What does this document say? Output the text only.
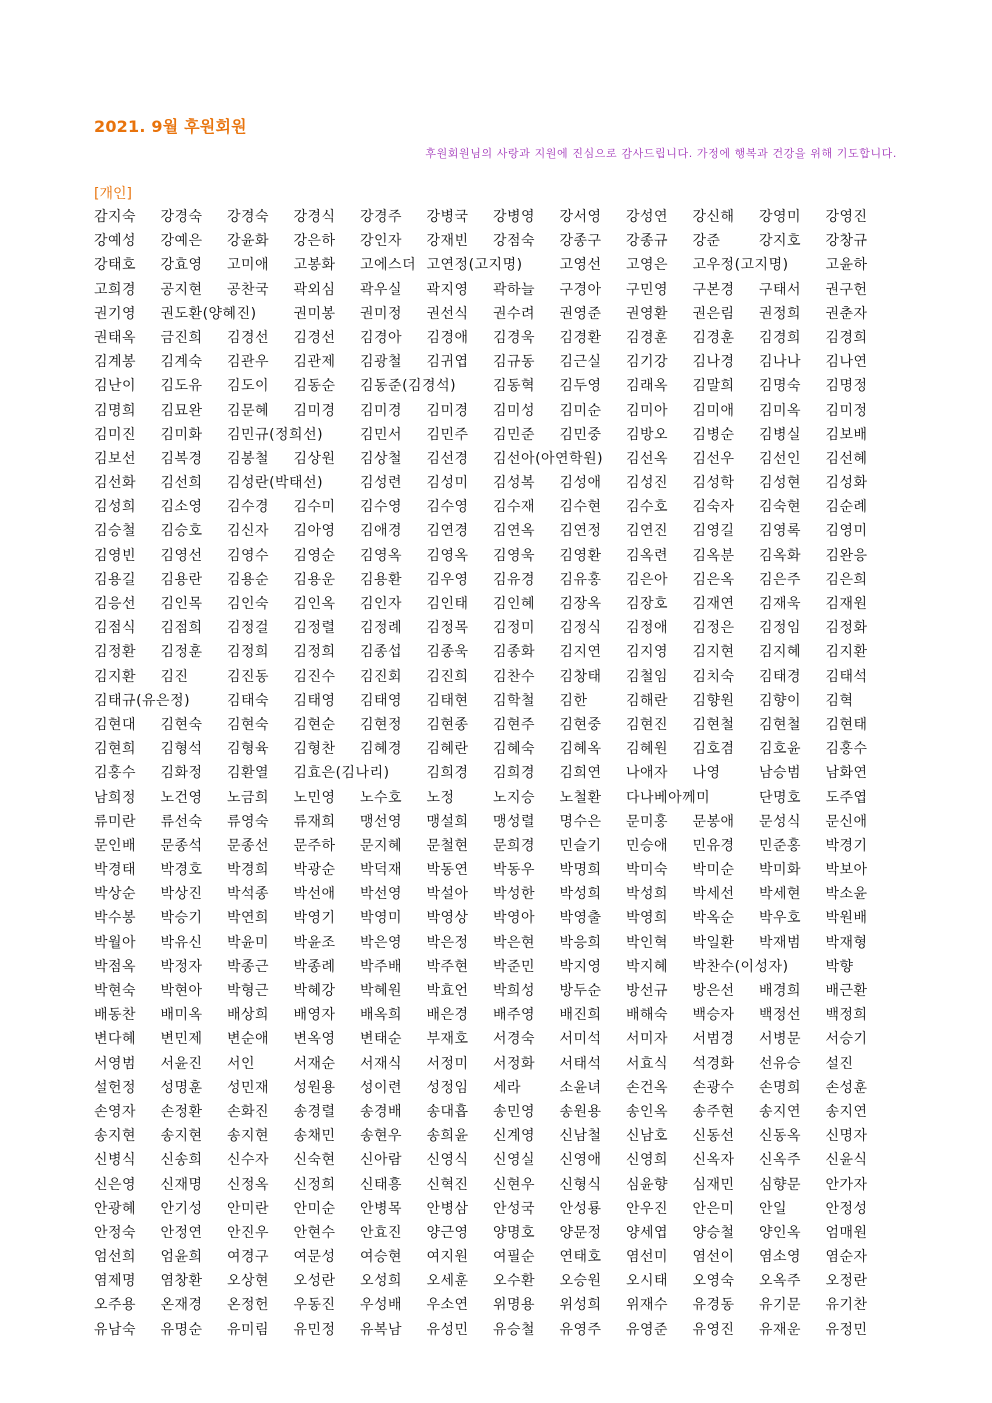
2021. 9월 후원회원
후원회원님의 사랑과 지원에 진심으로 감사드립니다. 가정에 행복과 건강을 위해 기도합니다.
[개인]
감지숙 강경숙 강경숙 강경식 강경주 강병국 강병영 강서영 강성연 강신해 강영미 강영진
강예성 강예은 강윤화 강은하 강인자 강재빈 강점숙 강종구 강종규 강준	강지호 강창규
강태호 강효영 고미애 고봉화 고에스더 고연정(고지명)	고영선 고영은 고우정(고지명)	고윤하
고희경 공지현 공찬국 곽외심 곽우실 곽지영 곽하늘 구경아 구민영 구본경 구태서 권구헌
권기영 권도환(양혜진)	권미봉 권미정 권선식 권수려 권영준 권영환 권은림 권정희 권춘자
권태옥 금진희 김경선 김경선 김경아 김경애 김경욱 김경환 김경훈 김경훈 김경희 김경희
김계봉 김계숙 김관우 김관제 김광철 김귀엽 김규동 김근실 김기강 김나경 김나나 김나연
김난이 김도유 김도이 김동순 김동준(김경석)	김동혁 김두영 김래옥 김말희 김명숙 김명정
김명희 김묘완 김문혜 김미경 김미경 김미경 김미성 김미순 김미아 김미애 김미옥 김미정
김미진 김미화 김민규(정희선)	김민서 김민주 김민준 김민중 김방오 김병순 김병실 김보배
김보선 김복경 김봉철 김상원 김상철 김선경 김선아(아연학원) 김선옥 김선우 김선인 김선혜
김선화 김선희 김성란(박태선)	김성련 김성미 김성복 김성애 김성진 김성학 김성현 김성화
김성희 김소영 김수경 김수미 김수영 김수영 김수재 김수현 김수호 김숙자 김숙현 김순례
김승철 김승호 김신자 김아영 김애경 김연경 김연옥 김연정 김연진 김영길 김영록 김영미
김영빈 김영선 김영수 김영순 김영옥 김영옥 김영욱 김영환 김옥련 김옥분 김옥화 김완응
김용길 김용란 김용순 김용운 김용환 김우영 김유경 김유홍 김은아 김은옥 김은주 김은희
김응선 김인목 김인숙 김인옥 김인자 김인태 김인혜 김장옥 김장호 김재연 김재욱 김재원
김점식 김점희 김정걸 김정렬 김정례 김정목 김정미 김정식 김정애 김정은 김정임 김정화
김정환 김정훈 김정희 김정희 김종섭 김종욱 김종화 김지연 김지영 김지현 김지혜 김지환
김지환 김진	김진동 김진수 김진회 김진희 김찬수 김창태 김철임 김치숙 김태경 김태석
김태규(유은정)	김태숙 김태영 김태영 김태현 김학철 김한	김해란 김향원 김향이 김혁
김현대 김현숙 김현숙 김현순 김현정 김현종 김현주 김현중 김현진 김현철 김현철 김현태
김현희 김형석 김형육 김형찬 김혜경 김혜란 김혜숙 김혜옥 김혜원 김호겸 김호윤 김홍수
김홍수 김화정 김환열 김효은(김나리)	김희경 김희경 김희연 나애자 나영	남승범 남화연
남희정 노건영 노금희 노민영 노수호 노정	노지승 노철환 다나베아께미	단명호 도주엽
류미란 류선숙 류영숙 류재희 맹선영 맹설희 맹성렬 명수은 문미홍 문봉애 문성식 문신애
문인배 문종석 문종선 문주하 문지혜 문철현 문희경 민슬기 민승애 민유경 민준홍 박경기
박경태 박경호 박경희 박광순 박덕재 박동연 박동우 박명희 박미숙 박미순 박미화 박보아
박상순 박상진 박석종 박선애 박선영 박설아 박성한 박성희 박성희 박세선 박세현 박소윤
박수봉 박승기 박연희 박영기 박영미 박영상 박영아 박영출 박영희 박옥순 박우호 박원배
박월아 박유신 박윤미 박윤조 박은영 박은정 박은현 박응희 박인혁 박일환 박재범 박재형
박점옥 박정자 박종근 박종례 박주배 박주현 박준민 박지영 박지혜 박찬수(이성자)	박향
박현숙 박현아 박형근 박혜강 박혜원 박효언 박희성 방두순 방선규 방은선 배경희 배근환
배동찬 배미옥 배상희 배영자 배옥희 배은경 배주영 배진희 배해숙 백승자 백정선 백정희
변다혜 변민제 변순애 변옥영 변태순 부재호 서경숙 서미석 서미자 서범경 서병문 서승기
서영범 서윤진 서인	서재순 서재식 서정미 서정화 서태석 서효식 석경화 선유승 설진
설헌정 성명훈 성민재 성원용 성이련 성정임 세라	소윤녀 손건옥 손광수 손명희 손성훈
손영자 손정환 손화진 송경렬 송경배 송대흡 송민영 송원용 송인옥 송주현 송지연 송지연
송지현 송지현 송지현 송채민 송현우 송희윤 신계영 신남철 신남호 신동선 신동옥 신명자
신병식 신송희 신수자 신숙현 신아람 신영식 신영실 신영애 신영희 신옥자 신옥주 신윤식
신은영 신재명 신정옥 신정희 신태흥 신혁진 신현우 신형식 심윤향 심재민 심향문 안가자
안광혜 안기성 안미란 안미순 안병목 안병삼 안성국 안성룡 안우진 안은미 안일	안정성
안정숙 안정연 안진우 안현수 안효진 양근영 양명호 양문정 양세엽 양승철 양인옥 엄매원
엄선희 엄윤희 여경구 여문성 여승현 여지원 여필순 연태호 염선미 염선이 염소영 염순자
염제명 염창환 오상현 오성란 오성희 오세훈 오수환 오승원 오시태 오영숙 오옥주 오정란
오주용 온재경 온정헌 우동진 우성배 우소연 위명용 위성희 위재수 유경동 유기문 유기찬
유남숙 유명순 유미림 유민정 유복남 유성민 유승철 유영주 유영준 유영진 유재운 유정민
